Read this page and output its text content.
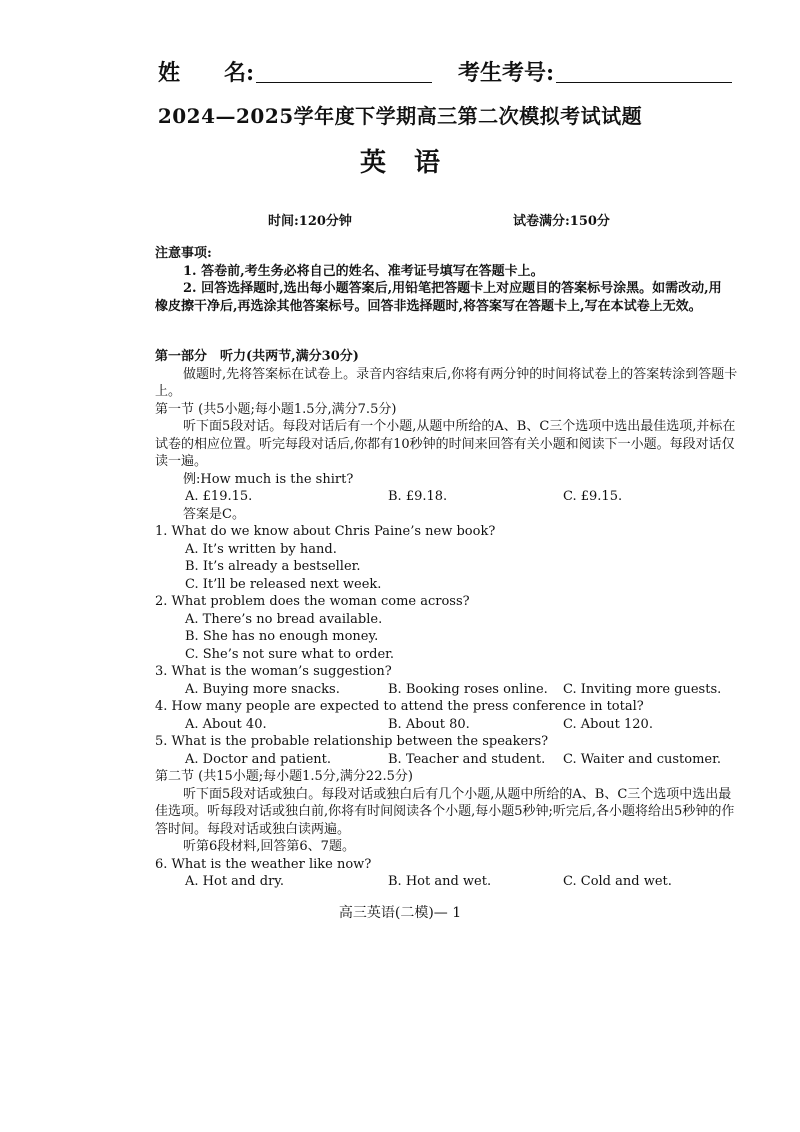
姓　　名:	考生考号:
2024—2025学年度下学期高三第二次模拟考试试题
英语
时间:120分钟	试卷满分:150分

注意事项:

1. 答卷前,考生务必将自己的姓名、准考证号填写在答题卡上。

2. 回答选择题时,选出每小题答案后,用铅笔把答题卡上对应题目的答案标号涂黑。如需改动,用橡皮擦干净后,再选涂其他答案标号。回答非选择题时,将答案写在答题卡上,写在本试卷上无效。

第一部分　听力(共两节,满分30分)

做题时,先将答案标在试卷上。录音内容结束后,你将有两分钟的时间将试卷上的答案转涂到答题卡上。

第一节 (共5小题;每小题1.5分,满分7.5分)

听下面5段对话。每段对话后有一个小题,从题中所给的A、B、C三个选项中选出最佳选项,并标在试卷的相应位置。听完每段对话后,你都有10秒钟的时间来回答有关小题和阅读下一小题。每段对话仅读一遍。

例:How much is the shirt?

A. £19.15.	B. £9.18.	C. £9.15.

答案是C。

1. What do we know about Chris Paine’s new book?

A. It’s written by hand.

B. It’s already a bestseller.

C. It’ll be released next week.

2. What problem does the woman come across?

A. There’s no bread available.

B. She has no enough money.

C. She’s not sure what to order.

3. What is the woman’s suggestion?

A. Buying more snacks.	B. Booking roses online. C. Inviting more guests.

4. How many people are expected to attend the press conference in total?

A. About 40.	B. About 80.	C. About 120.

5. What is the probable relationship between the speakers?

A. Doctor and patient.	B. Teacher and student. C. Waiter and customer.

第二节 (共15小题;每小题1.5分,满分22.5分)

听下面5段对话或独白。每段对话或独白后有几个小题,从题中所给的A、B、C三个选项中选出最佳选项。听每段对话或独白前,你将有时间阅读各个小题,每小题5秒钟;听完后,各小题将给出5秒钟的作答时间。每段对话或独白读两遍。

听第6段材料,回答第6、7题。

6. What is the weather like now?

A. Hot and dry.	B. Hot and wet.	C. Cold and wet.
高三英语(二模)— 1
